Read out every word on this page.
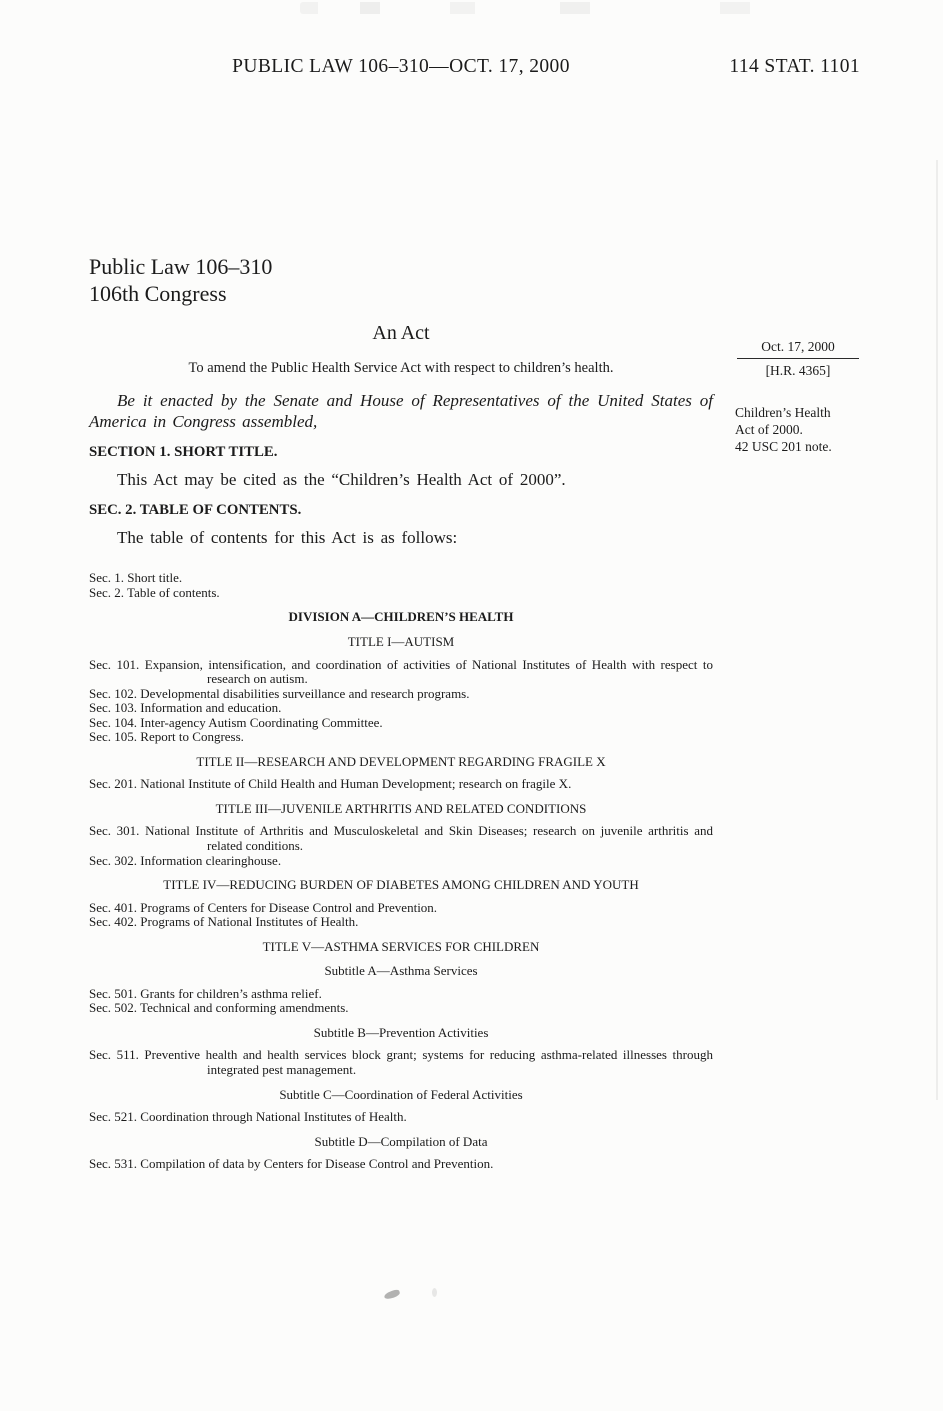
PUBLIC LAW 106–310—OCT. 17, 2000	114 STAT. 1101
Public Law 106–310
106th Congress
An Act
To amend the Public Health Service Act with respect to children’s health.
Be it enacted by the Senate and House of Representatives of the United States of America in Congress assembled,
SECTION 1. SHORT TITLE.
This Act may be cited as the “Children’s Health Act of 2000”.
SEC. 2. TABLE OF CONTENTS.
The table of contents for this Act is as follows:
Sec. 1. Short title.
Sec. 2. Table of contents.
DIVISION A—CHILDREN’S HEALTH
TITLE I—AUTISM
Sec. 101. Expansion, intensification, and coordination of activities of National Institutes of Health with respect to research on autism.
Sec. 102. Developmental disabilities surveillance and research programs.
Sec. 103. Information and education.
Sec. 104. Inter-agency Autism Coordinating Committee.
Sec. 105. Report to Congress.
TITLE II—RESEARCH AND DEVELOPMENT REGARDING FRAGILE X
Sec. 201. National Institute of Child Health and Human Development; research on fragile X.
TITLE III—JUVENILE ARTHRITIS AND RELATED CONDITIONS
Sec. 301. National Institute of Arthritis and Musculoskeletal and Skin Diseases; research on juvenile arthritis and related conditions.
Sec. 302. Information clearinghouse.
TITLE IV—REDUCING BURDEN OF DIABETES AMONG CHILDREN AND YOUTH
Sec. 401. Programs of Centers for Disease Control and Prevention.
Sec. 402. Programs of National Institutes of Health.
TITLE V—ASTHMA SERVICES FOR CHILDREN
Subtitle A—Asthma Services
Sec. 501. Grants for children’s asthma relief.
Sec. 502. Technical and conforming amendments.
Subtitle B—Prevention Activities
Sec. 511. Preventive health and health services block grant; systems for reducing asthma-related illnesses through integrated pest management.
Subtitle C—Coordination of Federal Activities
Sec. 521. Coordination through National Institutes of Health.
Subtitle D—Compilation of Data
Sec. 531. Compilation of data by Centers for Disease Control and Prevention.
Oct. 17, 2000
[H.R. 4365]
Children’s Health
Act of 2000.
42 USC 201 note.
